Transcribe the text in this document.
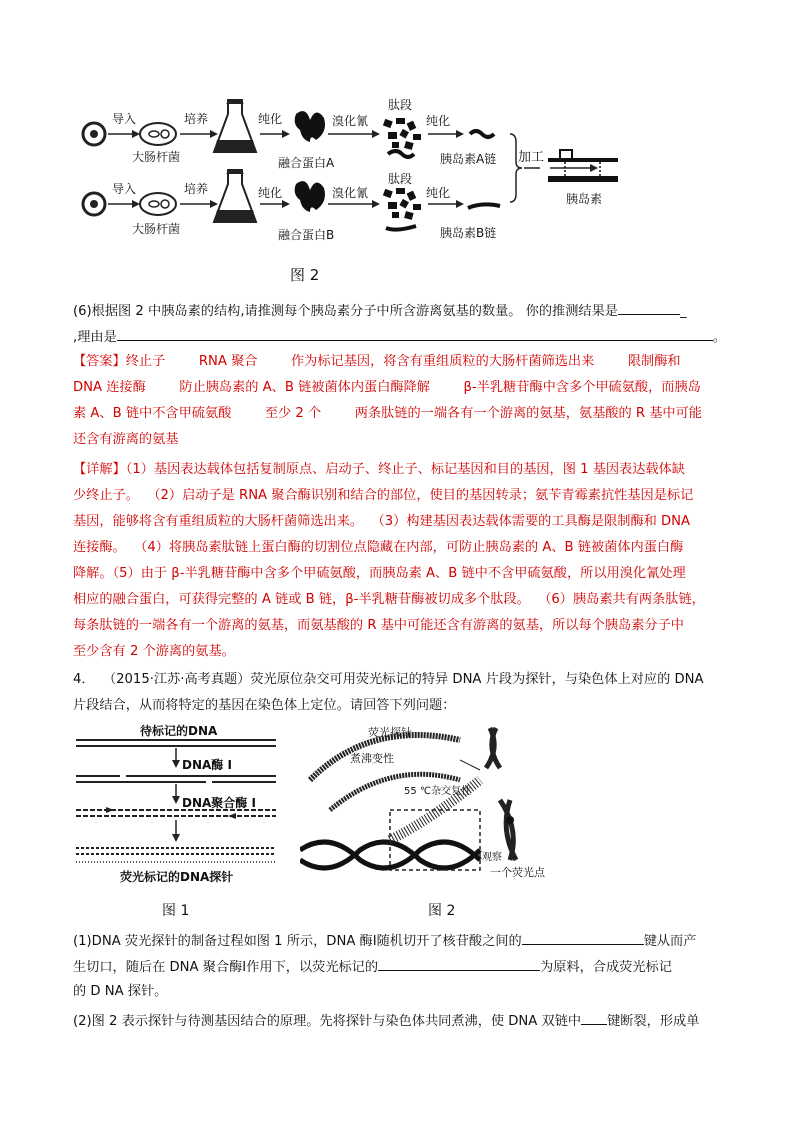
导入
大肠杆菌
培养	纯化
融合蛋白A
溴化氰
肽段
纯化
胰岛素A链
导入
大肠杆菌
培养	纯化
融合蛋白B
溴化氰
肽段
纯化
胰岛素B链
加工
胰岛素
图 2
(6)根据图 2 中胰岛素的结构,请推测每个胰岛素分子中所含游离氨基的数量。 你的推测结果是	_
,理由是	。
【答案】终止子        RNA 聚合        作为标记基因，将含有重组质粒的大肠杆菌筛选出来        限制酶和
DNA 连接酶        防止胰岛素的 A、B 链被菌体内蛋白酶降解        β-半乳糖苷酶中含多个甲硫氨酸，而胰岛
素 A、B 链中不含甲硫氨酸        至少 2 个        两条肽链的一端各有一个游离的氨基，氨基酸的 R 基中可能
还含有游离的氨基
【详解】（1）基因表达载体包括复制原点、启动子、终止子、标记基因和目的基因，图 1 基因表达载体缺
少终止子。  （2）启动子是 RNA 聚合酶识别和结合的部位，使目的基因转录；氨苄青霉素抗性基因是标记
基因，能够将含有重组质粒的大肠杆菌筛选出来。  （3）构建基因表达载体需要的工具酶是限制酶和 DNA
连接酶。  （4）将胰岛素肽链上蛋白酶的切割位点隐藏在内部，可防止胰岛素的 A、B 链被菌体内蛋白酶
降解。（5）由于 β-半乳糖苷酶中含多个甲硫氨酸，而胰岛素 A、B 链中不含甲硫氨酸，所以用溴化氰处理
相应的融合蛋白，可获得完整的 A 链或 B 链，β-半乳糖苷酶被切成多个肽段。  （6）胰岛素共有两条肽链，
每条肽链的一端各有一个游离的氨基，而氨基酸的 R 基中可能还含有游离的氨基，所以每个胰岛素分子中
至少含有 2 个游离的氨基。
4．  （2015·江苏·高考真题）荧光原位杂交可用荧光标记的特异 DNA 片段为探针，与染色体上对应的 DNA
片段结合，从而将特定的基因在染色体上定位。请回答下列问题：
待标记的DNA
DNA酶 I
DNA聚合酶 I
荧光标记的DNA探针
图 1
荧光探针
煮沸变性
55 ℃杂交复性
观察
一个荧光点
图 2
(1)DNA 荧光探针的制备过程如图 1 所示，DNA 酶Ⅰ随机切开了核苷酸之间的	键从而产
生切口，随后在 DNA 聚合酶Ⅰ作用下，以荧光标记的	为原料，合成荧光标记
的 D NA 探针。
(2)图 2 表示探针与待测基因结合的原理。先将探针与染色体共同煮沸，使 DNA 双链中 键断裂，形成单
